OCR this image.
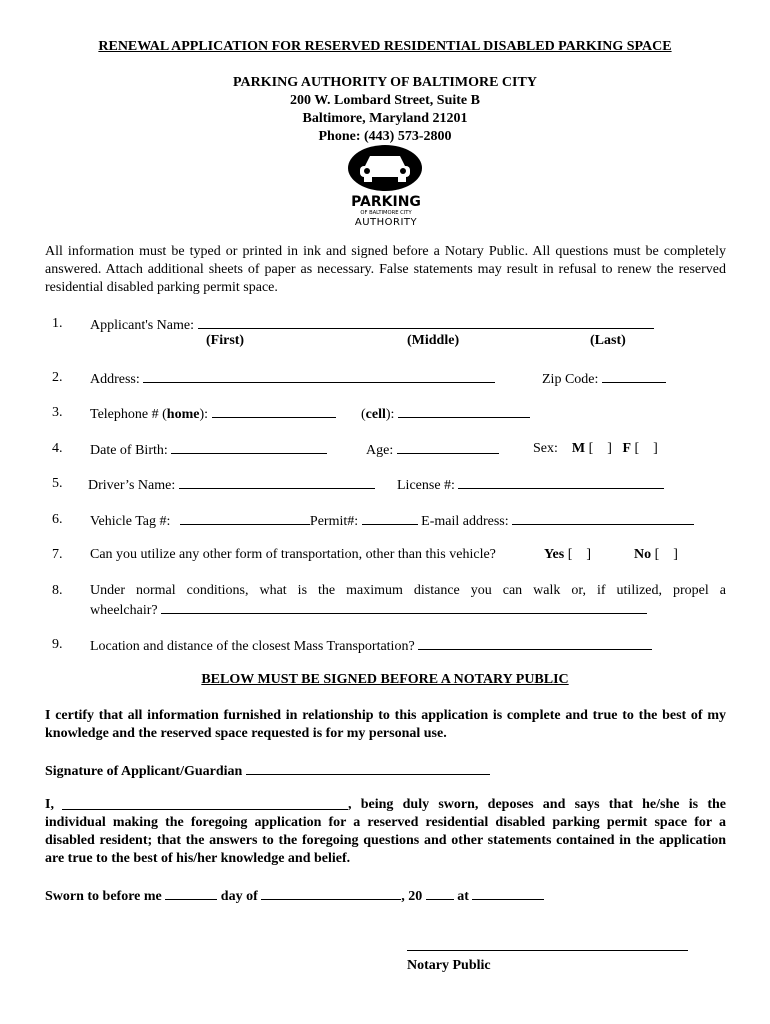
RENEWAL APPLICATION FOR RESERVED RESIDENTIAL DISABLED PARKING SPACE
PARKING AUTHORITY OF BALTIMORE CITY
200 W. Lombard Street, Suite B
Baltimore, Maryland 21201
Phone: (443) 573-2800
PARKING
OF BALTIMORE CITY
AUTHORITY
All information must be typed or printed in ink and signed before a Notary Public. All questions must be completely answered. Attach additional sheets of paper as necessary. False statements may result in refusal to renew the reserved residential disabled parking permit space.
1. Applicant's Name:
(First)	(Middle)	(Last)
2. Address:	Zip Code:
3. Telephone # (home):	(cell):
4. Date of Birth:	Age:	Sex: M [    ] F [    ]
5. Driver’s Name:	License #:
6. Vehicle Tag #:	Permit#:	E-mail address:
7. Can you utilize any other form of transportation, other than this vehicle?	Yes [    ]	No [    ]
8. Under normal conditions, what is the maximum distance you can walk or, if utilized, propel a
wheelchair?
9. Location and distance of the closest Mass Transportation?
BELOW MUST BE SIGNED BEFORE A NOTARY PUBLIC
I certify that all information furnished in relationship to this application is complete and true to the best of my knowledge and the reserved space requested is for my personal use.
Signature of Applicant/Guardian
I,	, being duly sworn, deposes and says that he/she is the
individual making the foregoing application for a reserved residential disabled parking permit space for a disabled resident; that the answers to the foregoing questions and other statements contained in the application are true to the best of his/her knowledge and belief.
Sworn to before me	day of	, 20	at
Notary Public
